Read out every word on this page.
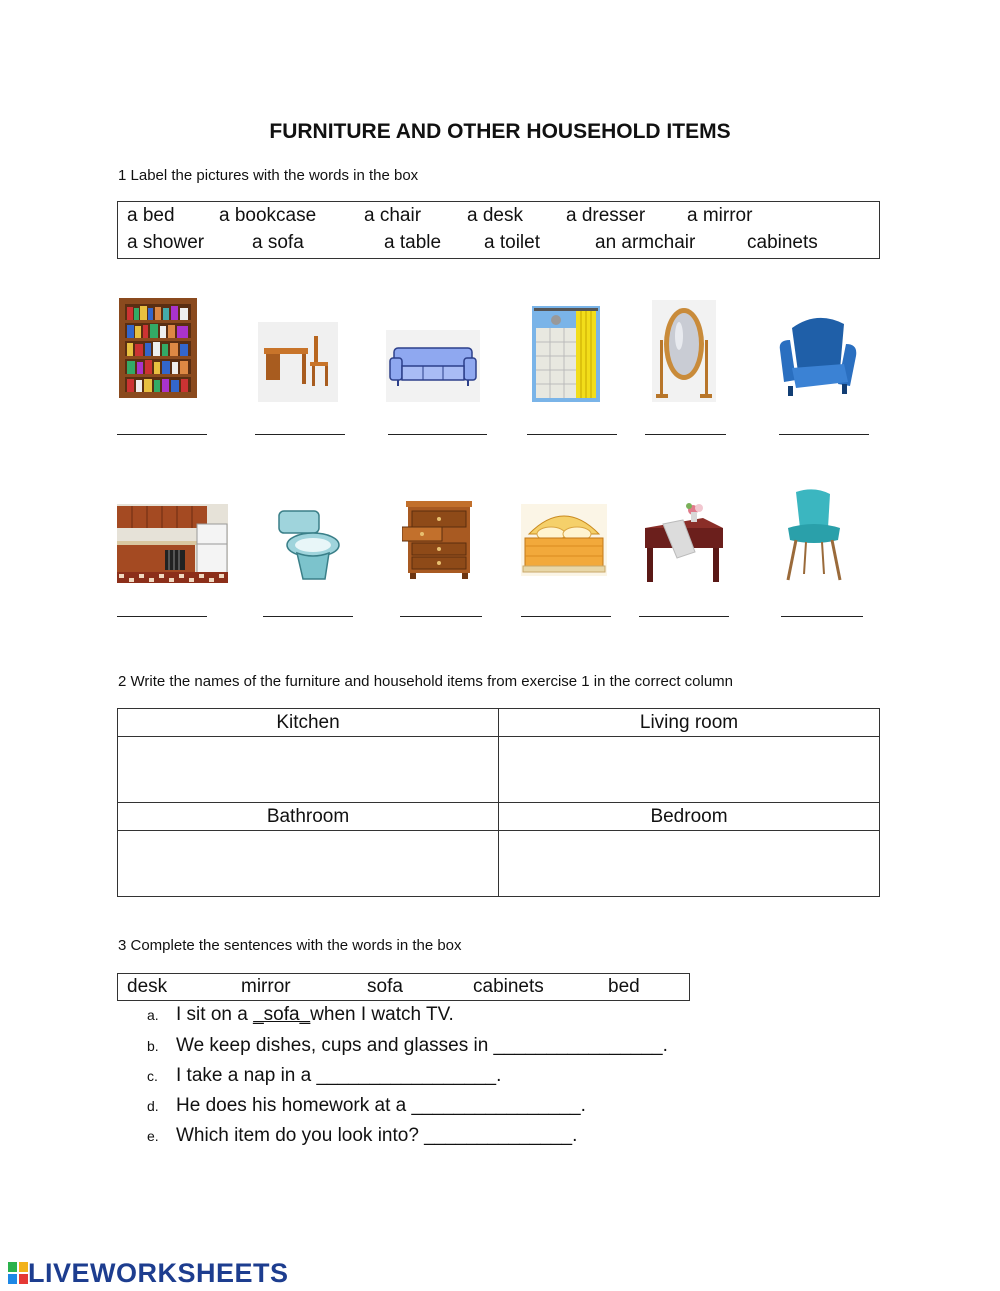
FURNITURE AND OTHER HOUSEHOLD ITEMS
1 Label the pictures with the words in the box
a bed a bookcase	a chair a desk a dresser a mirror
a shower	a sofa	a table a toilet	an armchair	cabinets
2 Write the names of the furniture and household items from exercise 1 in the correct column
Kitchen	Living room

Bathroom	Bedroom

3 Complete the sentences with the words in the box
desk	mirror	sofa	cabinets	bed
a. I sit on a _sofa_when I watch TV.
b. We keep dishes, cups and glasses in ________________.
c. I take a nap in a _________________.
d. He does his homework at a ________________.
e. Which item do you look into? ______________.
LIVEWORKSHEETS
